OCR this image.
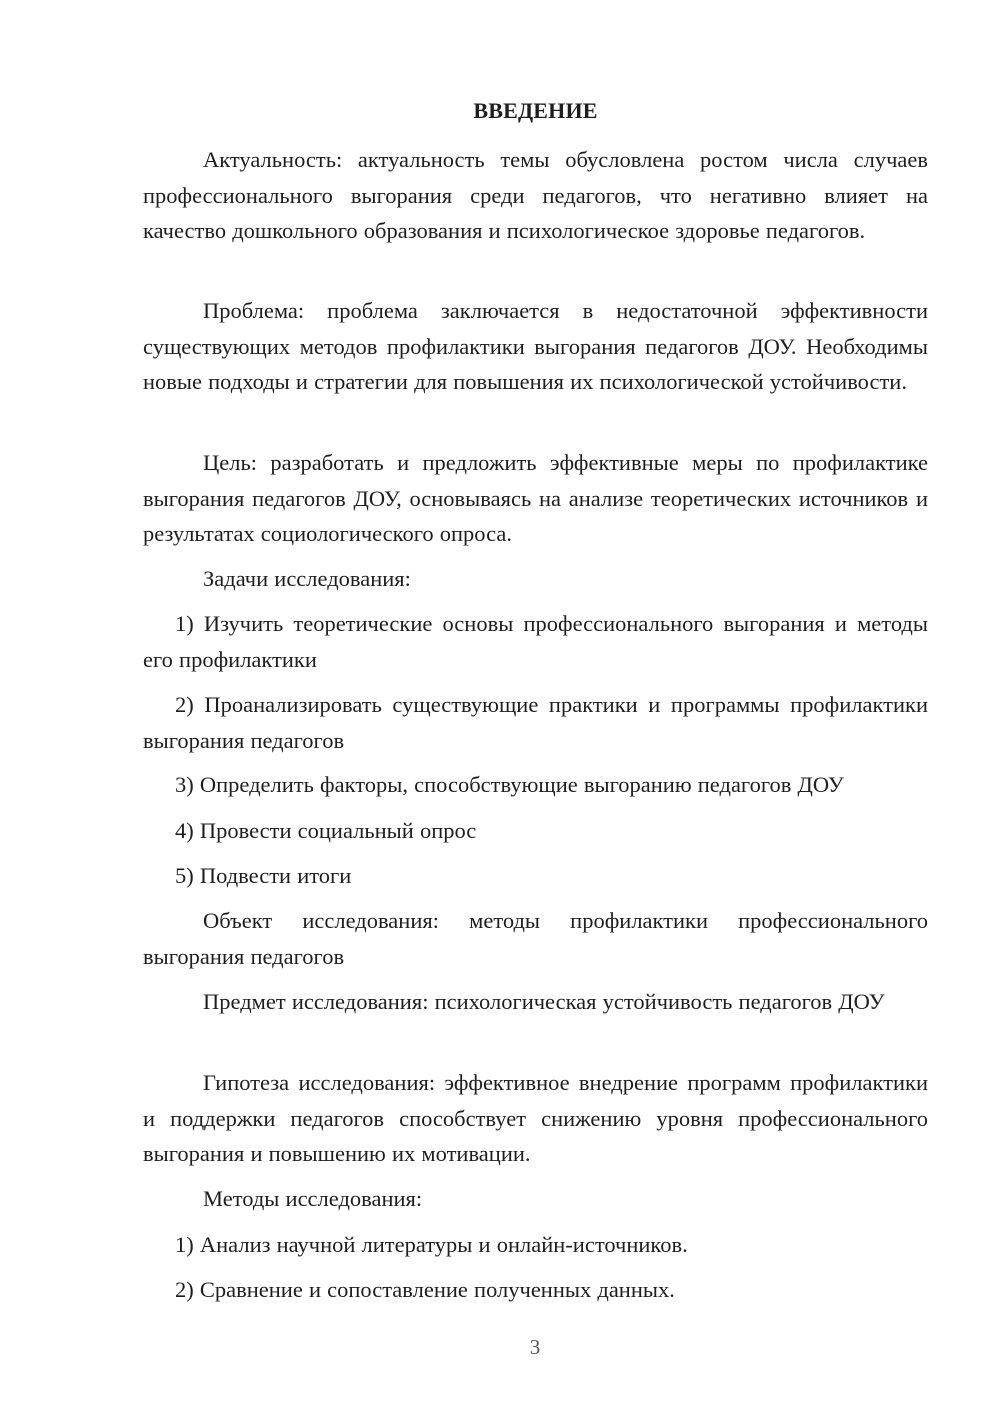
ВВЕДЕНИЕ

Актуальность: актуальность темы обусловлена ростом числа случаев профессионального выгорания среди педагогов, что негативно влияет на качество дошкольного образования и психологическое здоровье педагогов.

Проблема: проблема заключается в недостаточной эффективности существующих методов профилактики выгорания педагогов ДОУ. Необходимы новые подходы и стратегии для повышения их психологической устойчивости.

Цель: разработать и предложить эффективные меры по профилактике выгорания педагогов ДОУ, основываясь на анализе теоретических источников и результатах социологического опроса.

Задачи исследования:

1) Изучить теоретические основы профессионального выгорания и методы его профилактики

2) Проанализировать существующие практики и программы профилактики выгорания педагогов

3) Определить факторы, способствующие выгоранию педагогов ДОУ

4) Провести социальный опрос

5) Подвести итоги

Объект исследования: методы профилактики профессионального выгорания педагогов

Предмет исследования: психологическая устойчивость педагогов ДОУ

Гипотеза исследования: эффективное внедрение программ профилактики и поддержки педагогов способствует снижению уровня профессионального выгорания и повышению их мотивации.

Методы исследования:

1) Анализ научной литературы и онлайн-источников.

2) Сравнение и сопоставление полученных данных.

3
